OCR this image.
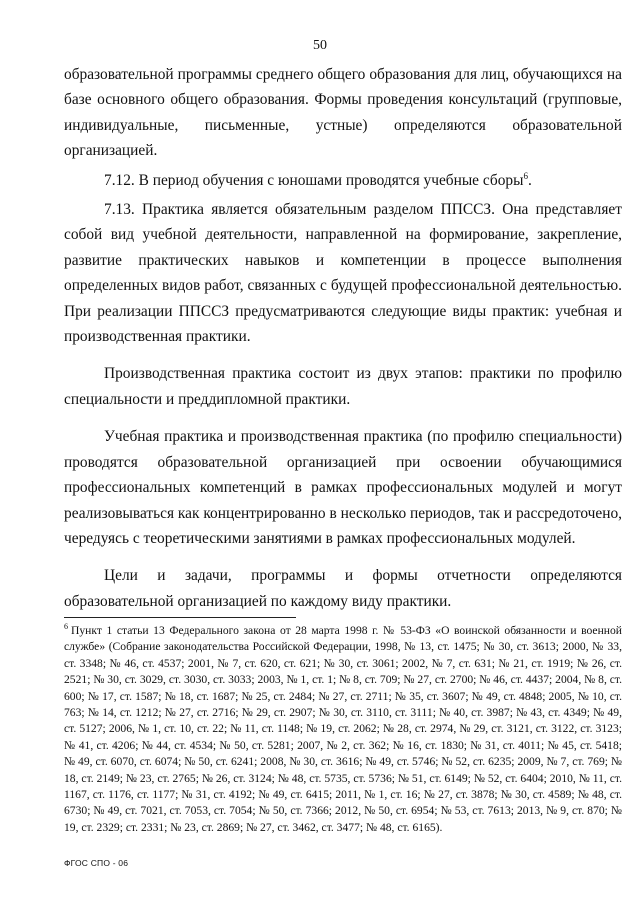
50

образовательной программы среднего общего образования для лиц, обучающихся на базе основного общего образования. Формы проведения консультаций (групповые, индивидуальные, письменные, устные) определяются образовательной организацией.

7.12. В период обучения с юношами проводятся учебные сборы$^6$.

7.13. Практика является обязательным разделом ППССЗ. Она представляет собой вид учебной деятельности, направленной на формирование, закрепление, развитие практических навыков и компетенции в процессе выполнения определенных видов работ, связанных с будущей профессиональной деятельностью. При реализации ППССЗ предусматриваются следующие виды практик: учебная и производственная практики.

Производственная практика состоит из двух этапов: практики по профилю специальности и преддипломной практики.

Учебная практика и производственная практика (по профилю специальности) проводятся образовательной организацией при освоении обучающимися профессиональных компетенций в рамках профессиональных модулей и могут реализовываться как концентрированно в несколько периодов, так и рассредоточено, чередуясь с теоретическими занятиями в рамках профессиональных модулей.

Цели и задачи, программы и формы отчетности определяются образовательной организацией по каждому виду практики.

$^6$ Пункт 1 статьи 13 Федерального закона от 28 марта 1998 г. № 53-ФЗ «О воинской обязанности и военной службе» (Собрание законодательства Российской Федерации, 1998, № 13, ст. 1475; № 30, ст. 3613; 2000, № 33, ст. 3348; № 46, ст. 4537; 2001, № 7, ст. 620, ст. 621; № 30, ст. 3061; 2002, № 7, ст. 631; № 21, ст. 1919; № 26, ст. 2521; № 30, ст. 3029, ст. 3030, ст. 3033; 2003, № 1, ст. 1; № 8, ст. 709; № 27, ст. 2700; № 46, ст. 4437; 2004, № 8, ст. 600; № 17, ст. 1587; № 18, ст. 1687; № 25, ст. 2484; № 27, ст. 2711; № 35, ст. 3607; № 49, ст. 4848; 2005, № 10, ст. 763; № 14, ст. 1212; № 27, ст. 2716; № 29, ст. 2907; № 30, ст. 3110, ст. 3111; № 40, ст. 3987; № 43, ст. 4349; № 49, ст. 5127; 2006, № 1, ст. 10, ст. 22; № 11, ст. 1148; № 19, ст. 2062; № 28, ст. 2974, № 29, ст. 3121, ст. 3122, ст. 3123; № 41, ст. 4206; № 44, ст. 4534; № 50, ст. 5281; 2007, № 2, ст. 362; № 16, ст. 1830; № 31, ст. 4011; № 45, ст. 5418; № 49, ст. 6070, ст. 6074; № 50, ст. 6241; 2008, № 30, ст. 3616; № 49, ст. 5746; № 52, ст. 6235; 2009, № 7, ст. 769; № 18, ст. 2149; № 23, ст. 2765; № 26, ст. 3124; № 48, ст. 5735, ст. 5736; № 51, ст. 6149; № 52, ст. 6404; 2010, № 11, ст. 1167, ст. 1176, ст. 1177; № 31, ст. 4192; № 49, ст. 6415; 2011, № 1, ст. 16; № 27, ст. 3878; № 30, ст. 4589; № 48, ст. 6730; № 49, ст. 7021, ст. 7053, ст. 7054; № 50, ст. 7366; 2012, № 50, ст. 6954; № 53, ст. 7613; 2013, № 9, ст. 870; № 19, ст. 2329; ст. 2331; № 23, ст. 2869; № 27, ст. 3462, ст. 3477; № 48, ст. 6165).

ФГОС СПО - 06
